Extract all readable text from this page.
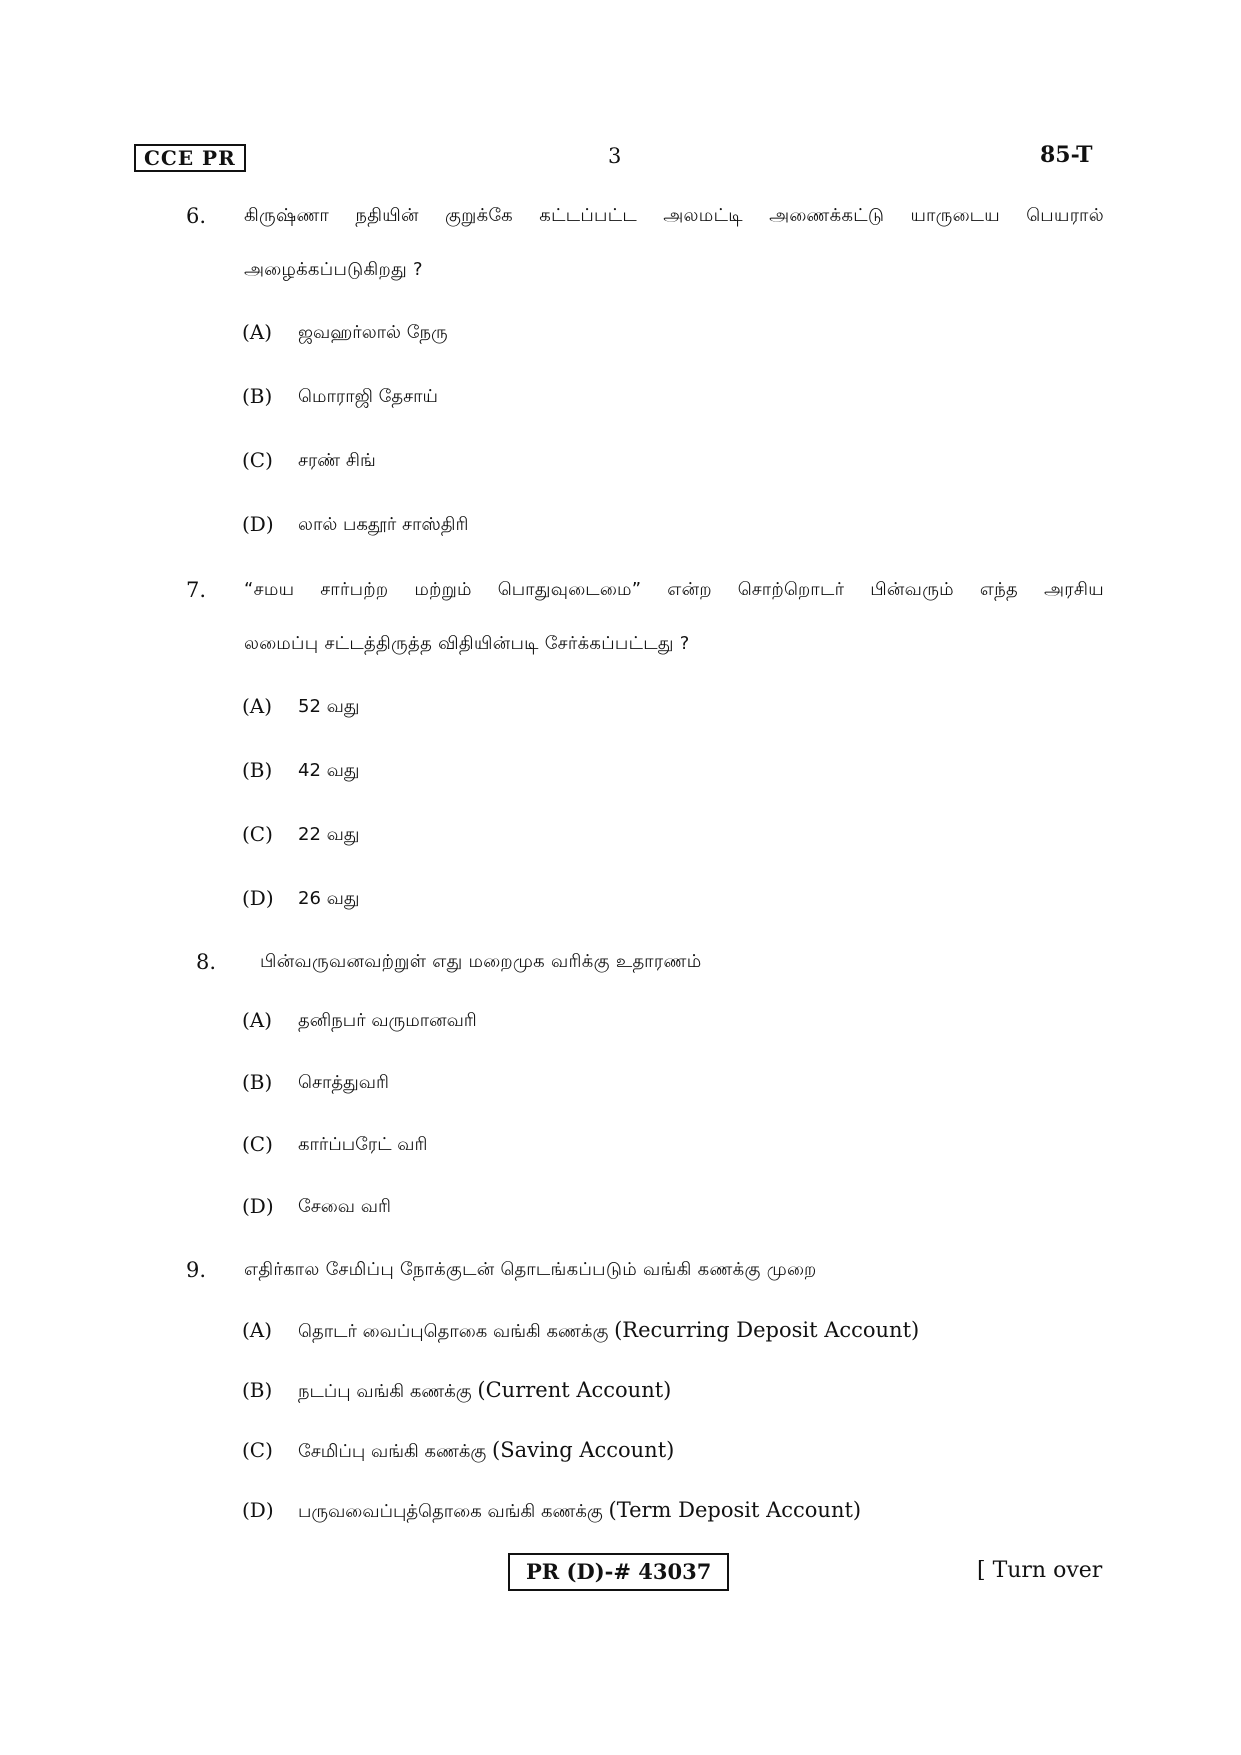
CCE PR	3	85-T
6. கிருஷ்ணா நதியின் குறுக்கே கட்டப்பட்ட அலமட்டி அணைக்கட்டு யாருடைய பெயரால்
அழைக்கப்படுகிறது ?
(A) ஜவஹர்லால் நேரு
(B) மொராஜி தேசாய்
(C) சரண் சிங்
(D) லால் பகதூர் சாஸ்திரி
7. “சமய சார்பற்ற மற்றும் பொதுவுடைமை” என்ற சொற்றொடர் பின்வரும் எந்த அரசிய
லமைப்பு சட்டத்திருத்த விதியின்படி சேர்க்கப்பட்டது ?
(A) 52 வது
(B) 42 வது
(C) 22 வது
(D) 26 வது
8. பின்வருவனவற்றுள் எது மறைமுக வரிக்கு உதாரணம்
(A) தனிநபர் வருமானவரி
(B) சொத்துவரி
(C) கார்ப்பரேட் வரி
(D) சேவை வரி
9. எதிர்கால சேமிப்பு நோக்குடன் தொடங்கப்படும் வங்கி கணக்கு முறை
(A) தொடர் வைப்புதொகை வங்கி கணக்கு (Recurring Deposit Account)
(B) நடப்பு வங்கி கணக்கு (Current Account)
(C) சேமிப்பு வங்கி கணக்கு (Saving Account)
(D) பருவவைப்புத்தொகை வங்கி கணக்கு (Term Deposit Account)
PR (D)-# 43037	[ Turn over
